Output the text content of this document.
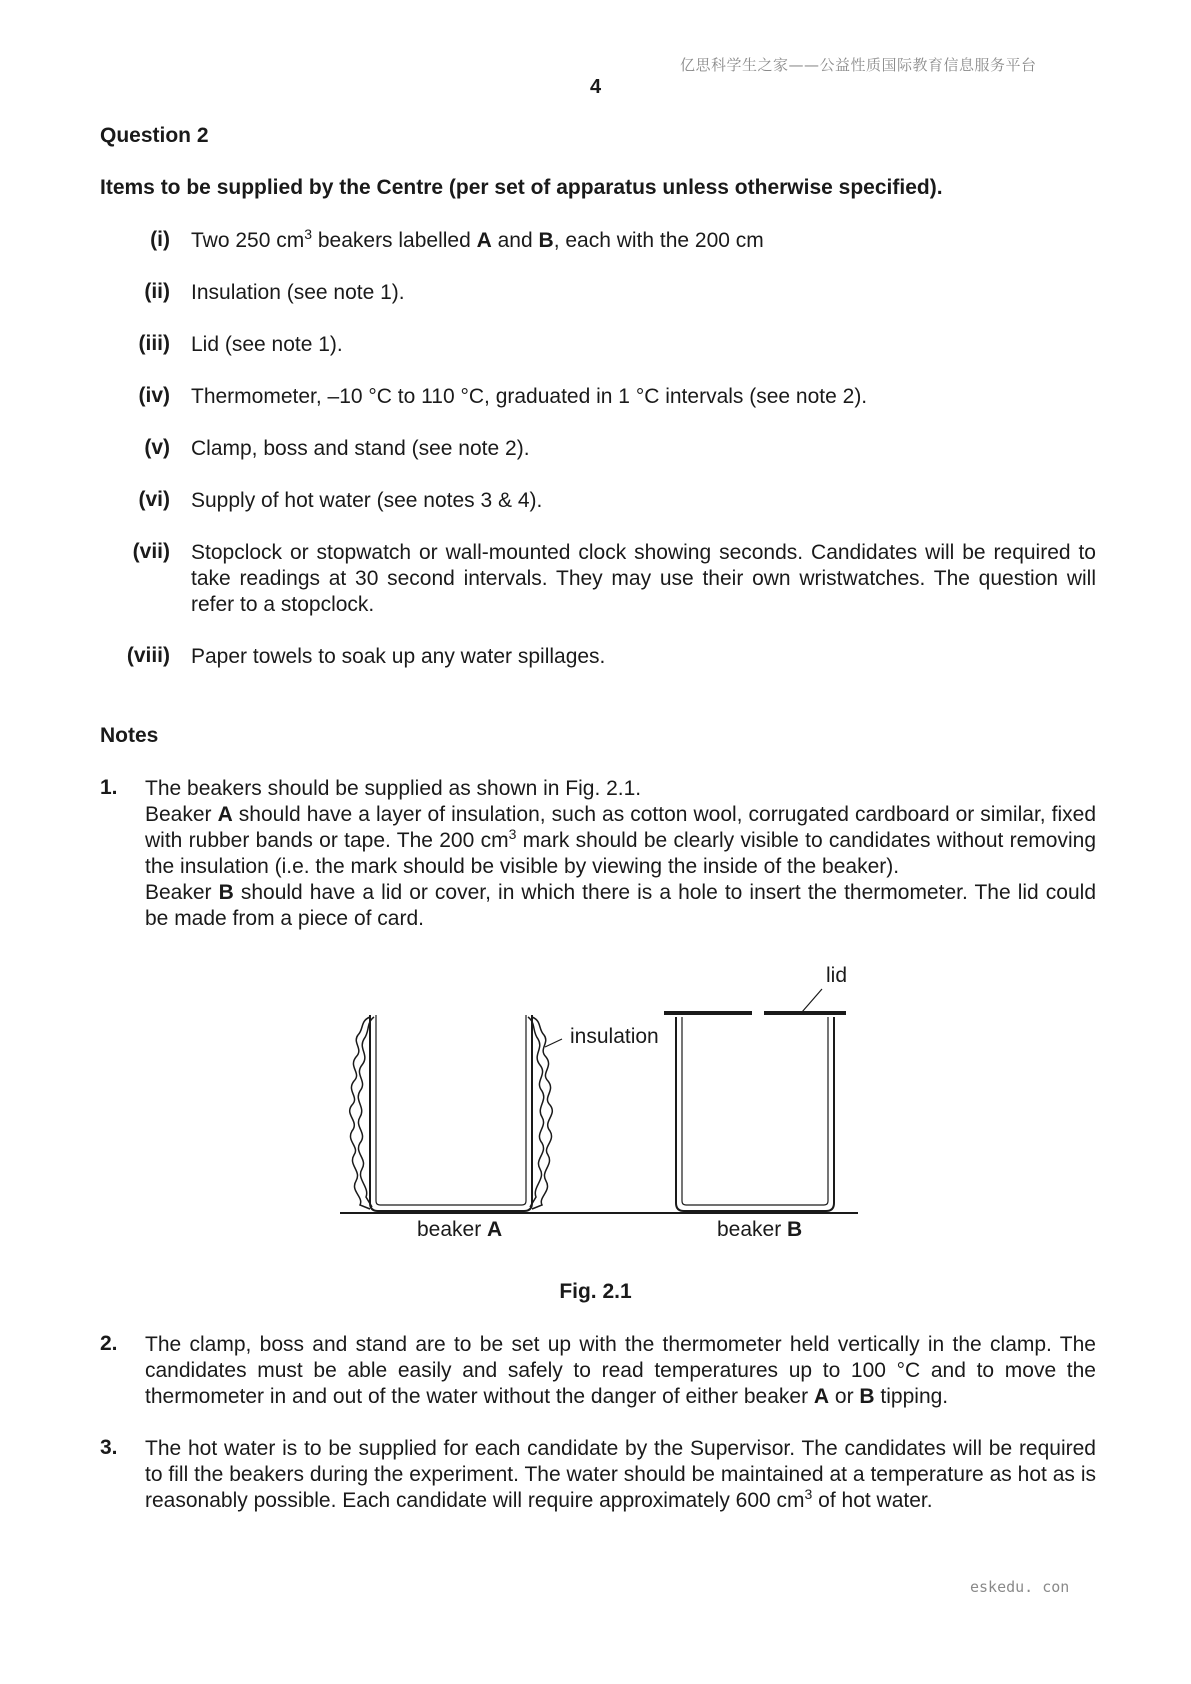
亿思科学生之家——公益性质国际教育信息服务平台
4
Question 2
Items to be supplied by the Centre (per set of apparatus unless otherwise specified).
(i) Two 250 $cm^3$ beakers labelled A and B, each with the 200 cm
(ii) Insulation (see note 1).
(iii) Lid (see note 1).
(iv) Thermometer, –10 °C to 110 °C, graduated in 1 °C intervals (see note 2).
(v) Clamp, boss and stand (see note 2).
(vi) Supply of hot water (see notes 3 & 4).
(vii) Stopclock or stopwatch or wall-mounted clock showing seconds. Candidates will be required to take readings at 30 second intervals. They may use their own wristwatches. The question will refer to a stopclock.
(viii) Paper towels to soak up any water spillages.
Notes
1. The beakers should be supplied as shown in Fig. 2.1.

Beaker A should have a layer of insulation, such as cotton wool, corrugated cardboard or similar, fixed with rubber bands or tape. The 200 $cm^3$ mark should be clearly visible to candidates without removing the insulation (i.e. the mark should be visible by viewing the inside of the beaker).

Beaker B should have a lid or cover, in which there is a hole to insert the thermometer. The lid could be made from a piece of card.

lid
insulation
beaker A	beaker B
Fig. 2.1
2. The clamp, boss and stand are to be set up with the thermometer held vertically in the clamp. The candidates must be able easily and safely to read temperatures up to 100 °C and to move the thermometer in and out of the water without the danger of either beaker A or B tipping.
3. The hot water is to be supplied for each candidate by the Supervisor. The candidates will be required to fill the beakers during the experiment. The water should be maintained at a temperature as hot as is reasonably possible. Each candidate will require approximately 600 $cm^3$ of hot water.
eskedu. con
